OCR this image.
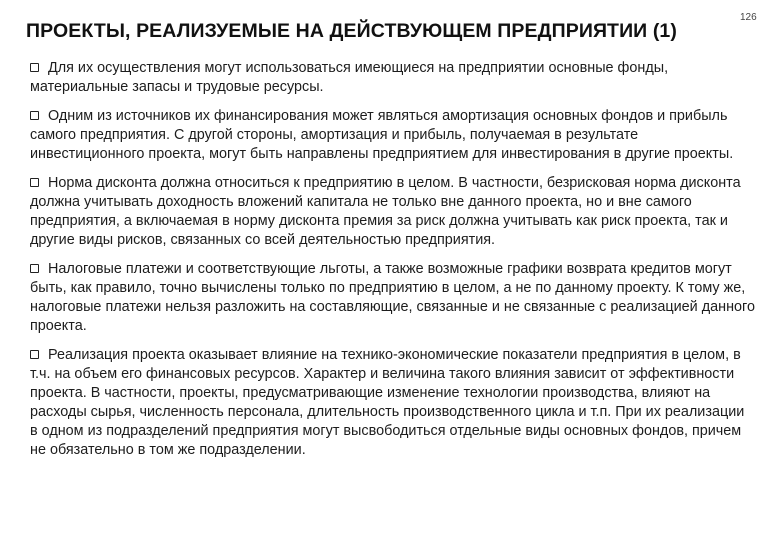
126
ПРОЕКТЫ, РЕАЛИЗУЕМЫЕ НА ДЕЙСТВУЮЩЕМ ПРЕДПРИЯТИИ (1)
Для их осуществления могут использоваться имеющиеся на предприятии основные фонды, материальные запасы и трудовые ресурсы.
Одним из источников их финансирования может являться амортизация основных фондов и прибыль самого предприятия. С другой стороны, амортизация и прибыль, получаемая в результате инвестиционного проекта, могут быть направлены предприятием для инвестирования в другие проекты.
Норма дисконта должна относиться к предприятию в целом. В частности, безрисковая норма дисконта должна учитывать доходность вложений капитала не только вне данного проекта, но и вне самого предприятия, а включаемая в норму дисконта премия за риск должна учитывать как риск проекта, так и другие виды рисков, связанных со всей деятельностью предприятия.
Налоговые платежи и соответствующие льготы, а также возможные графики возврата кредитов могут быть, как правило, точно вычислены только по предприятию в целом, а не по данному проекту. К тому же, налоговые платежи нельзя разложить на составляющие, связанные и не связанные с реализацией данного проекта.
Реализация проекта оказывает влияние на технико-экономические показатели предприятия в целом, в т.ч. на объем его финансовых ресурсов. Характер и величина такого влияния зависит от эффективности проекта. В частности, проекты, предусматривающие изменение технологии производства, влияют на расходы сырья, численность персонала, длительность производственного цикла и т.п. При их реализации в одном из подразделений предприятия могут высвободиться отдельные виды основных фондов, причем не обязательно в том же подразделении.
